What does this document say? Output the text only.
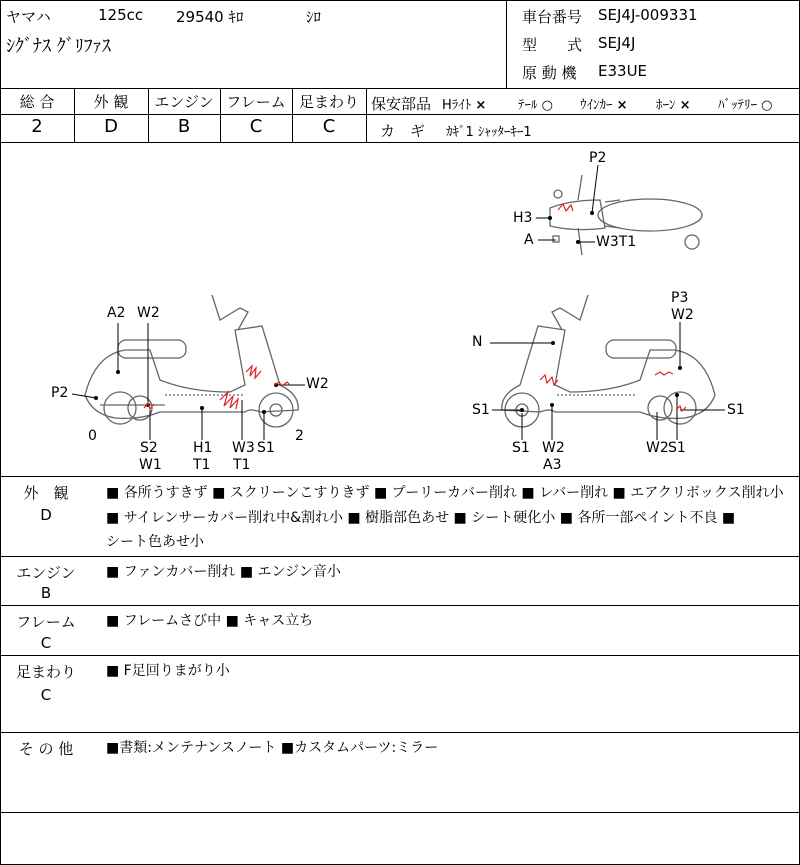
ヤマハ	125cc 29540 ｷﾛ	ｼﾛ
ｼｸﾞﾅｽ ｸﾞﾘﾌｧｽ
車台番号 SEJ4J-009331
型　　式 SEJ4J
原 動 機 E33UE
総 合	外 観	エンジン フレーム 足まわり
2	D	B	C	C
保安部品 Hﾗｲﾄ × ﾃｰﾙ ○ ｳｲﾝｶｰ × ﾎｰﾝ × ﾊﾞｯﾃﾘｰ ○
カ　ギ ｶｷﾞ1 ｼｬｯﾀｰｷｰ1
A2 W2
P2
W2
0	2
S2
W1
H1
T1
W3
T1
S1
P2
H3
A	W3T1
P3
W2
N
S1
S1
S1
W2
A3
W2 S1
外　観
D
■ 各所うすきず ■ スクリーンこすりきず ■ プーリーカバー削れ ■ レバー削れ ■ エアクリボックス削れ小
■ サイレンサーカバー削れ中&割れ小 ■ 樹脂部色あせ ■ シート硬化小 ■ 各所一部ペイント不良 ■
シート色あせ小
エンジン
B
■ ファンカバー削れ ■ エンジン音小
フレーム
C
■ フレームさび中 ■ キャス立ち
足まわり
C
■ F足回りまがり小
そ の 他	■書類:メンテナンスノート ■カスタムパーツ:ミラー
